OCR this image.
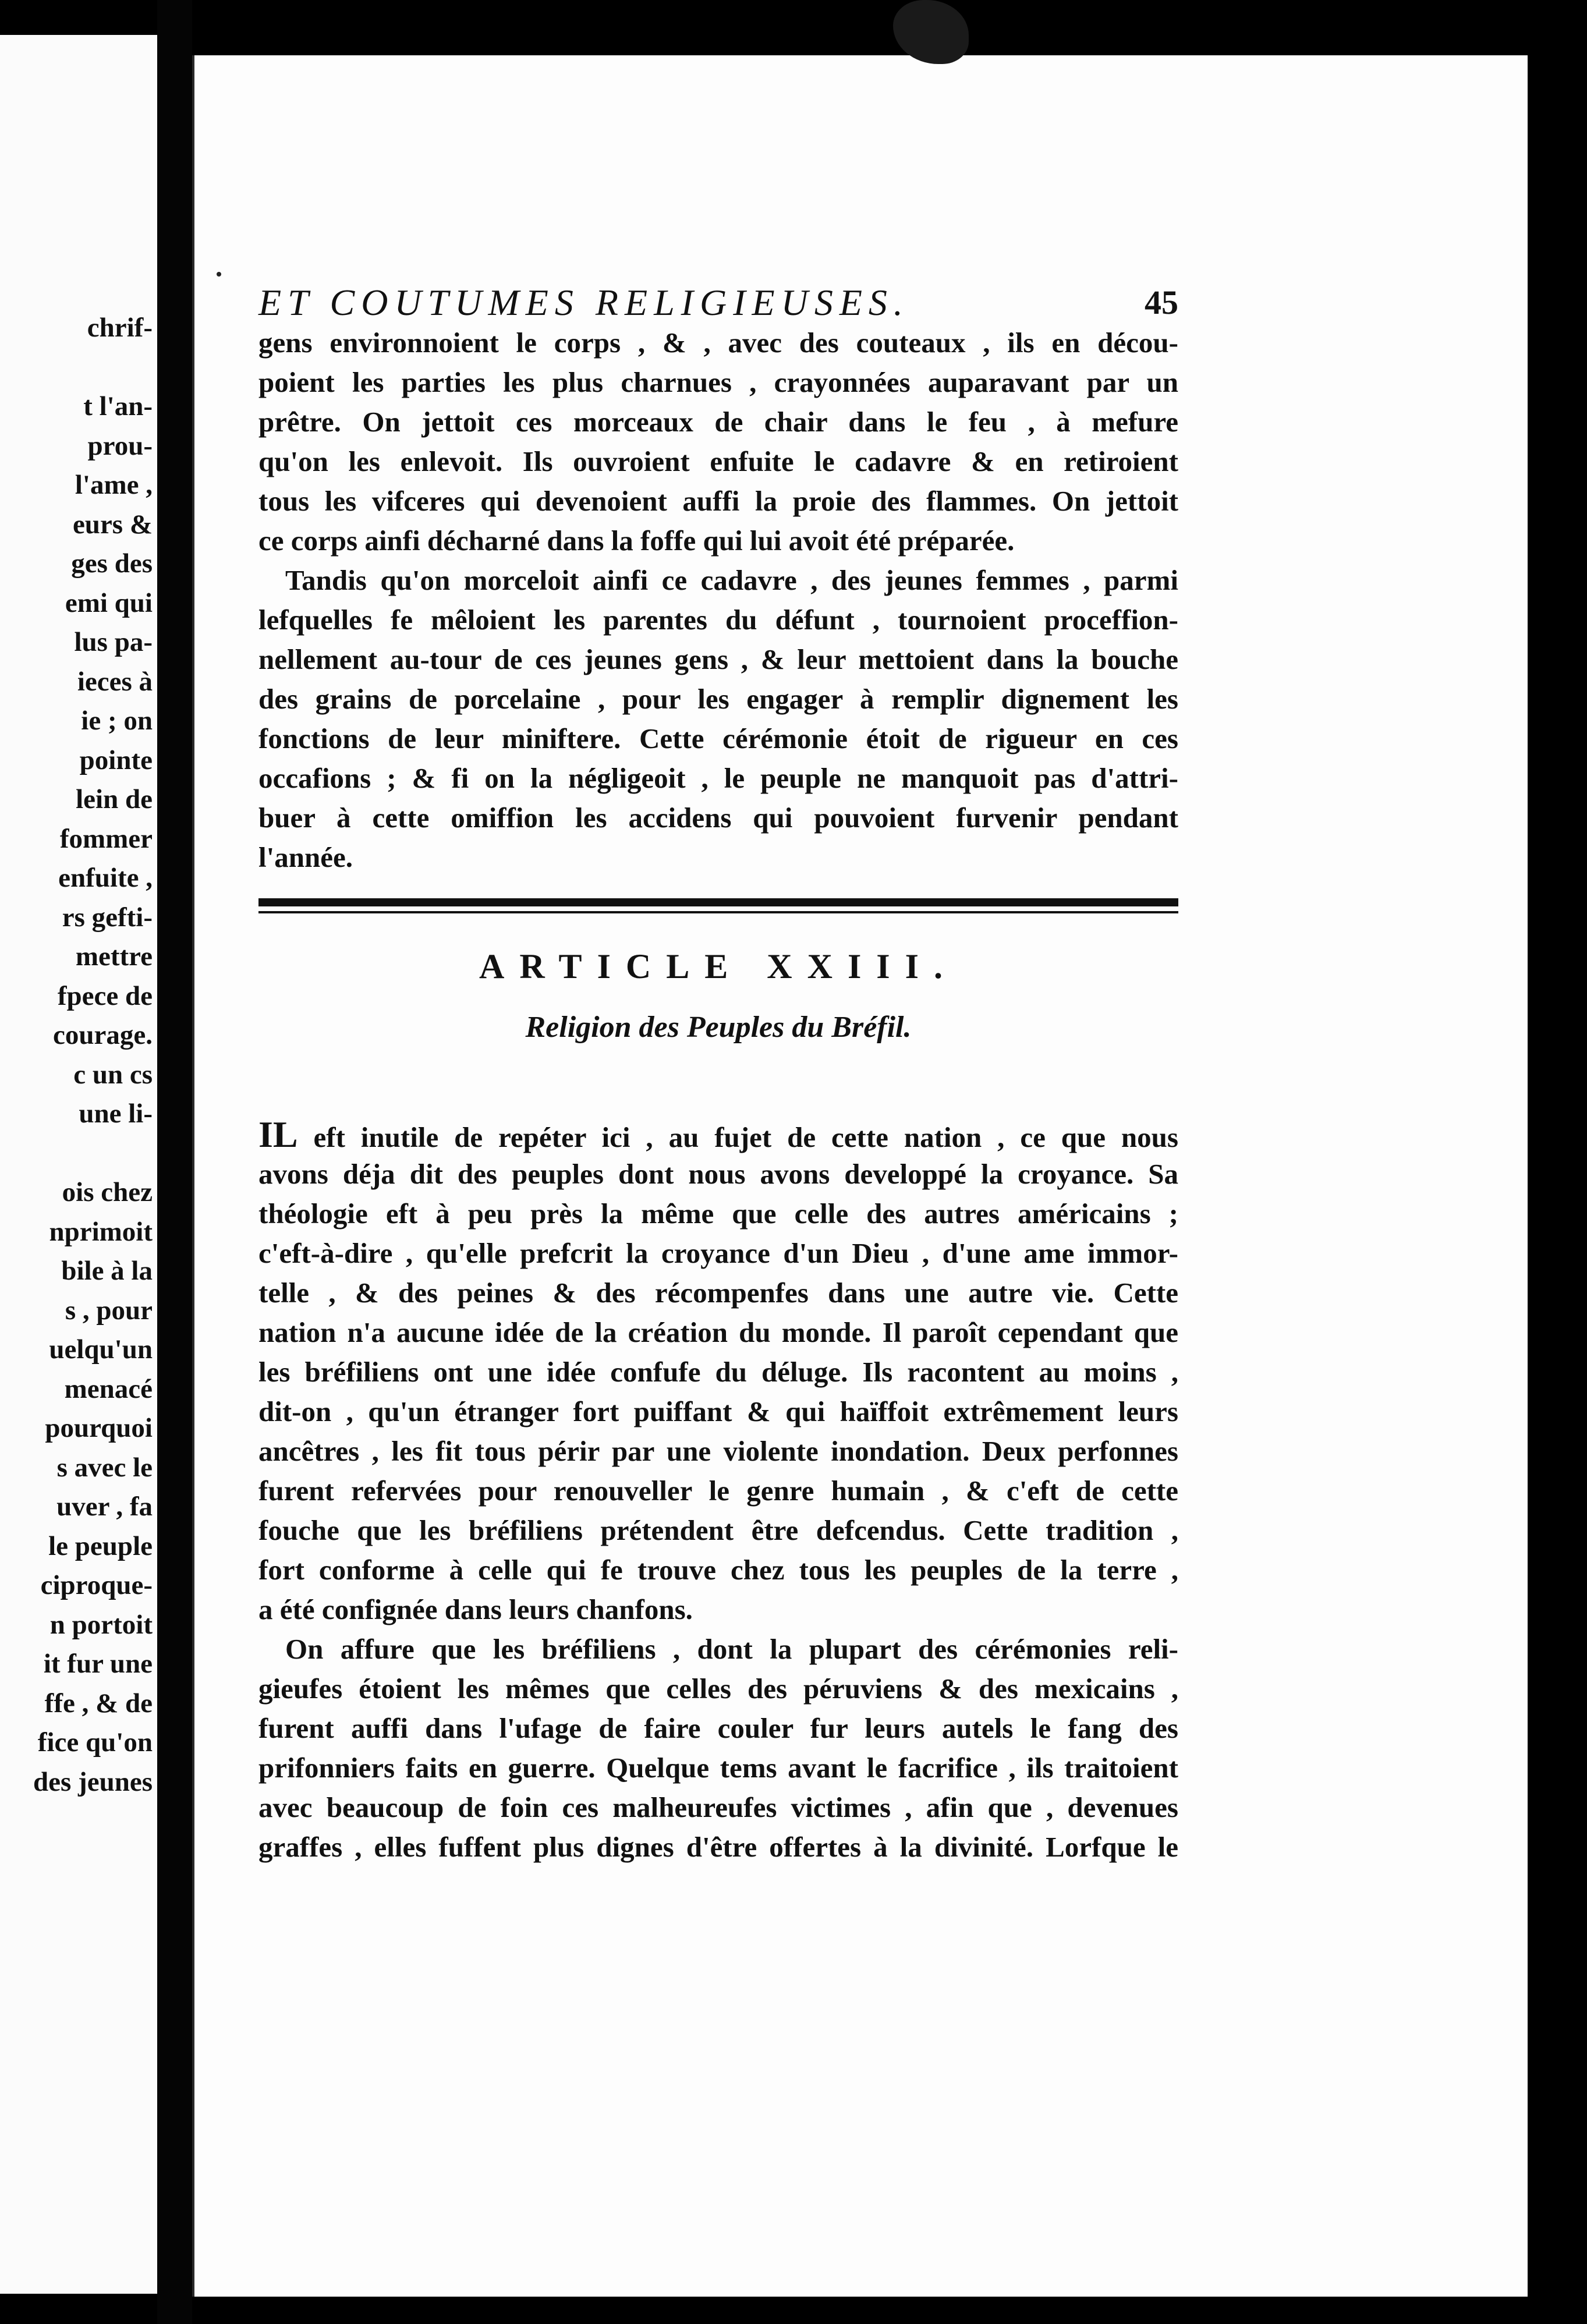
chrif-
t l'an-
prou-
l'ame ,
eurs &
ges des
emi qui
lus pa-
ieces à
ie ; on
pointe
lein de
fommer
enfuite ,
rs gefti-
mettre
fpece de
courage.
c un cs
une li-
ois chez
nprimoit
bile à la
s , pour
uelqu'un
menacé
pourquoi
s avec le
uver , fa
le peuple
ciproque-
n portoit
it fur une
ffe , & de
fice qu'on
des jeunes
ET COUTUMES RELIGIEUSES.	45
gens environnoient le corps , & , avec des couteaux , ils en décou-
poient les parties les plus charnues , crayonnées auparavant par un
prêtre. On jettoit ces morceaux de chair dans le feu , à mefure
qu'on les enlevoit. Ils ouvroient enfuite le cadavre & en retiroient
tous les vifceres qui devenoient auffi la proie des flammes. On jettoit
ce corps ainfi décharné dans la foffe qui lui avoit été préparée.
Tandis qu'on morceloit ainfi ce cadavre , des jeunes femmes , parmi
lefquelles fe mêloient les parentes du défunt , tournoient proceffion-
nellement au-tour de ces jeunes gens , & leur mettoient dans la bouche
des grains de porcelaine , pour les engager à remplir dignement les
fonctions de leur miniftere. Cette cérémonie étoit de rigueur en ces
occafions ; & fi on la négligeoit , le peuple ne manquoit pas d'attri-
buer à cette omiffion les accidens qui pouvoient furvenir pendant
l'année.
ARTICLE XXIII.
Religion des Peuples du Bréfil.
IL eft inutile de repéter ici , au fujet de cette nation , ce que nous
avons déja dit des peuples dont nous avons developpé la croyance. Sa
théologie eft à peu près la même que celle des autres américains ;
c'eft-à-dire , qu'elle prefcrit la croyance d'un Dieu , d'une ame immor-
telle , & des peines & des récompenfes dans une autre vie. Cette
nation n'a aucune idée de la création du monde. Il paroît cependant que
les bréfiliens ont une idée confufe du déluge. Ils racontent au moins ,
dit-on , qu'un étranger fort puiffant & qui haïffoit extrêmement leurs
ancêtres , les fit tous périr par une violente inondation. Deux perfonnes
furent refervées pour renouveller le genre humain , & c'eft de cette
fouche que les bréfiliens prétendent être defcendus. Cette tradition ,
fort conforme à celle qui fe trouve chez tous les peuples de la terre ,
a été confignée dans leurs chanfons.
On affure que les bréfiliens , dont la plupart des cérémonies reli-
gieufes étoient les mêmes que celles des péruviens & des mexicains ,
furent auffi dans l'ufage de faire couler fur leurs autels le fang des
prifonniers faits en guerre. Quelque tems avant le facrifice , ils traitoient
avec beaucoup de foin ces malheureufes victimes , afin que , devenues
graffes , elles fuffent plus dignes d'être offertes à la divinité. Lorfque le
